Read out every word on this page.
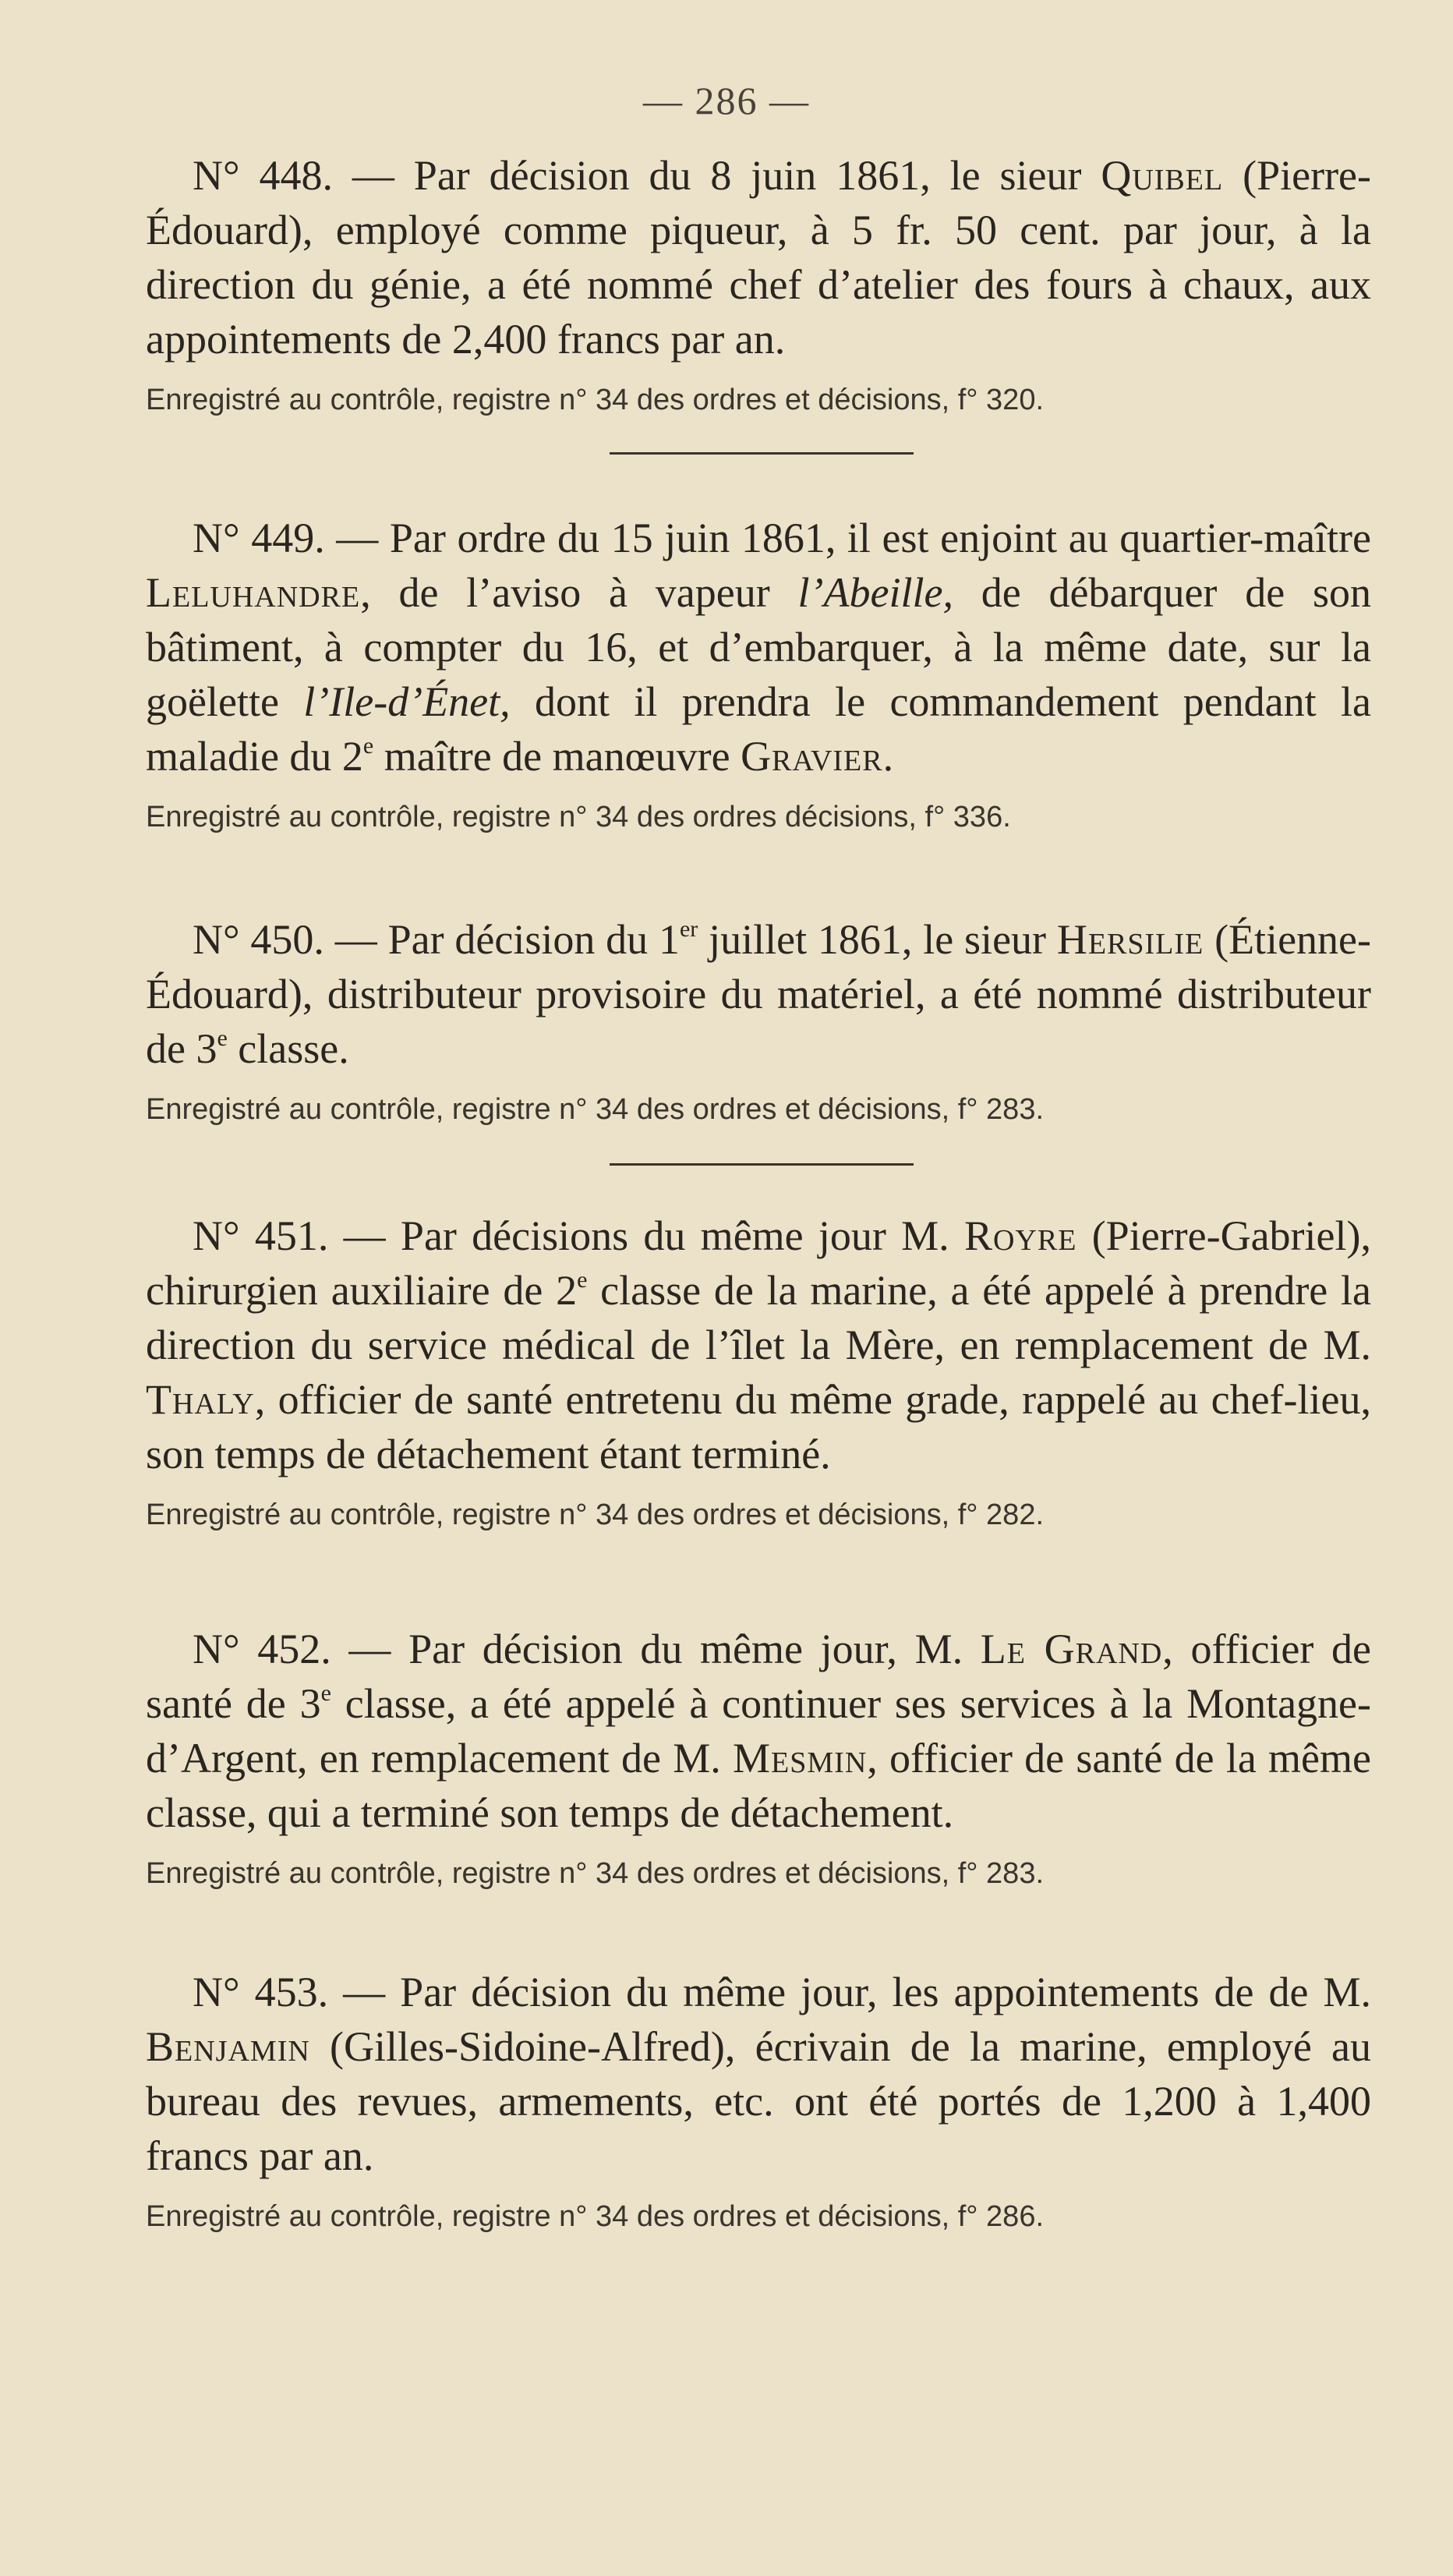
— 286 —

N° 448. — Par décision du 8 juin 1861, le sieur Quibel (Pierre-Édouard), employé comme piqueur, à 5 fr. 50 cent. par jour, à la direction du génie, a été nommé chef d’atelier des fours à chaux, aux appointements de 2,400 francs par an.

Enregistré au contrôle, registre n° 34 des ordres et décisions, f° 320.

N° 449. — Par ordre du 15 juin 1861, il est enjoint au quartier-maître Leluhandre, de l’aviso à vapeur l’Abeille, de débarquer de son bâtiment, à compter du 16, et d’embarquer, à la même date, sur la goëlette l’Ile-d’Énet, dont il prendra le commandement pendant la maladie du 2e maître de manœuvre Gravier.

Enregistré au contrôle, registre n° 34 des ordres décisions, f° 336.

N° 450. — Par décision du 1er juillet 1861, le sieur Hersilie (Étienne-Édouard), distributeur provisoire du matériel, a été nommé distributeur de 3e classe.

Enregistré au contrôle, registre n° 34 des ordres et décisions, f° 283.

N° 451. — Par décisions du même jour M. Royre (Pierre-Gabriel), chirurgien auxiliaire de 2e classe de la marine, a été appelé à prendre la direction du service médical de l’îlet la Mère, en remplacement de M. Thaly, officier de santé entretenu du même grade, rappelé au chef-lieu, son temps de détachement étant terminé.

Enregistré au contrôle, registre n° 34 des ordres et décisions, f° 282.

N° 452. — Par décision du même jour, M. Le Grand, officier de santé de 3e classe, a été appelé à continuer ses services à la Montagne-d’Argent, en remplacement de M. Mesmin, officier de santé de la même classe, qui a terminé son temps de détachement.

Enregistré au contrôle, registre n° 34 des ordres et décisions, f° 283.

N° 453. — Par décision du même jour, les appointements de de M. Benjamin (Gilles-Sidoine-Alfred), écrivain de la marine, employé au bureau des revues, armements, etc. ont été portés de 1,200 à 1,400 francs par an.

Enregistré au contrôle, registre n° 34 des ordres et décisions, f° 286.
